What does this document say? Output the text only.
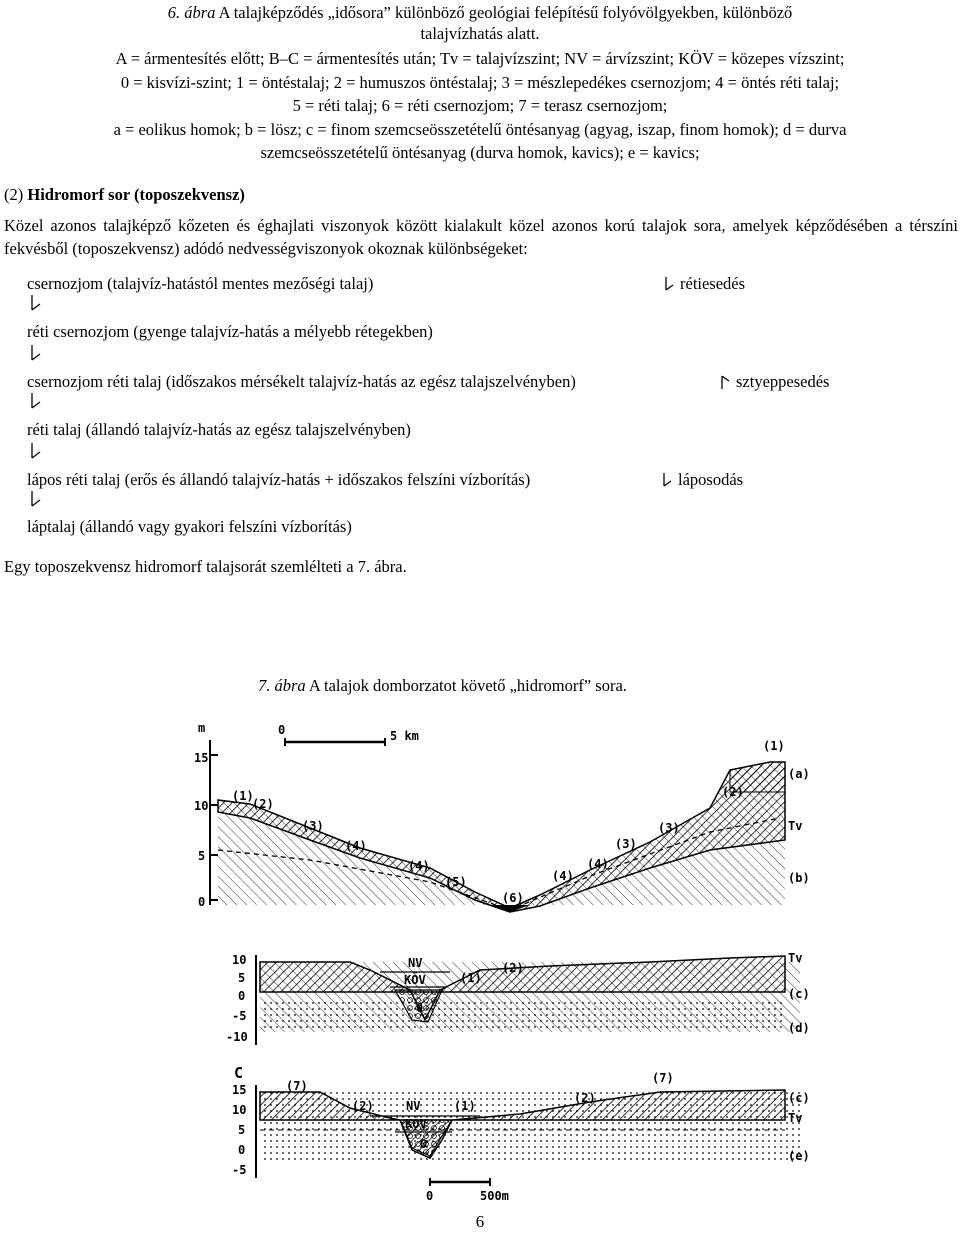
6. ábra A talajképződés „idősora” különböző geológiai felépítésű folyóvölgyekben, különböző
talajvízhatás alatt.
A = ármentesítés előtt; B–C = ármentesítés után; Tv = talajvízszint; NV = árvízszint; KÖV = közepes vízszint;
0 = kisvízi-szint; 1 = öntéstalaj; 2 = humuszos öntéstalaj; 3 = mészlepedékes csernozjom; 4 = öntés réti talaj;
5 = réti talaj; 6 = réti csernozjom; 7 = terasz csernozjom;
a = eolikus homok; b = lösz; c = finom szemcseösszetételű öntésanyag (agyag, iszap, finom homok); d = durva
szemcseösszetételű öntésanyag (durva homok, kavics); e = kavics;
(2) Hidromorf sor (toposzekvensz)
Közel azonos talajképző kőzeten és éghajlati viszonyok között kialakult közel azonos korú talajok sora, amelyek képződésében a térszíni fekvésből (toposzekvensz) adódó nedvességviszonyok okoznak különbségeket:
csernozjom (talajvíz-hatástól mentes mezőségi talaj)
réti csernozjom (gyenge talajvíz-hatás a mélyebb rétegekben)
csernozjom réti talaj (időszakos mérsékelt talajvíz-hatás az egész talajszelvényben)
réti talaj (állandó talajvíz-hatás az egész talajszelvényben)
lápos réti talaj (erős és állandó talajvíz-hatás + időszakos felszíni vízborítás)
láptalaj (állandó vagy gyakori felszíni vízborítás)
rétiesedés
sztyeppesedés
láposodás
Egy toposzekvensz hidromorf talajsorát szemlélteti a 7. ábra.
7. ábra A talajok domborzatot követő „hidromorf” sora.
m
15
10
5
0
0	5 km
(1)
(2)
(3)
(4)
(4)
(5)
(6)
(4)
(4)
(3)
(3)
(2)
(1)
(a)
Tv
(b)
10
5
0
-5
-10
NV
KÖV
0
(1)
(2)
Tv
(c)
(d)
C
15
10
5
0
-5
(7)
(2)	NV	(1)
(2)
KÖV
0
(7)
(c)
Tv
(e)
0	500m
6
